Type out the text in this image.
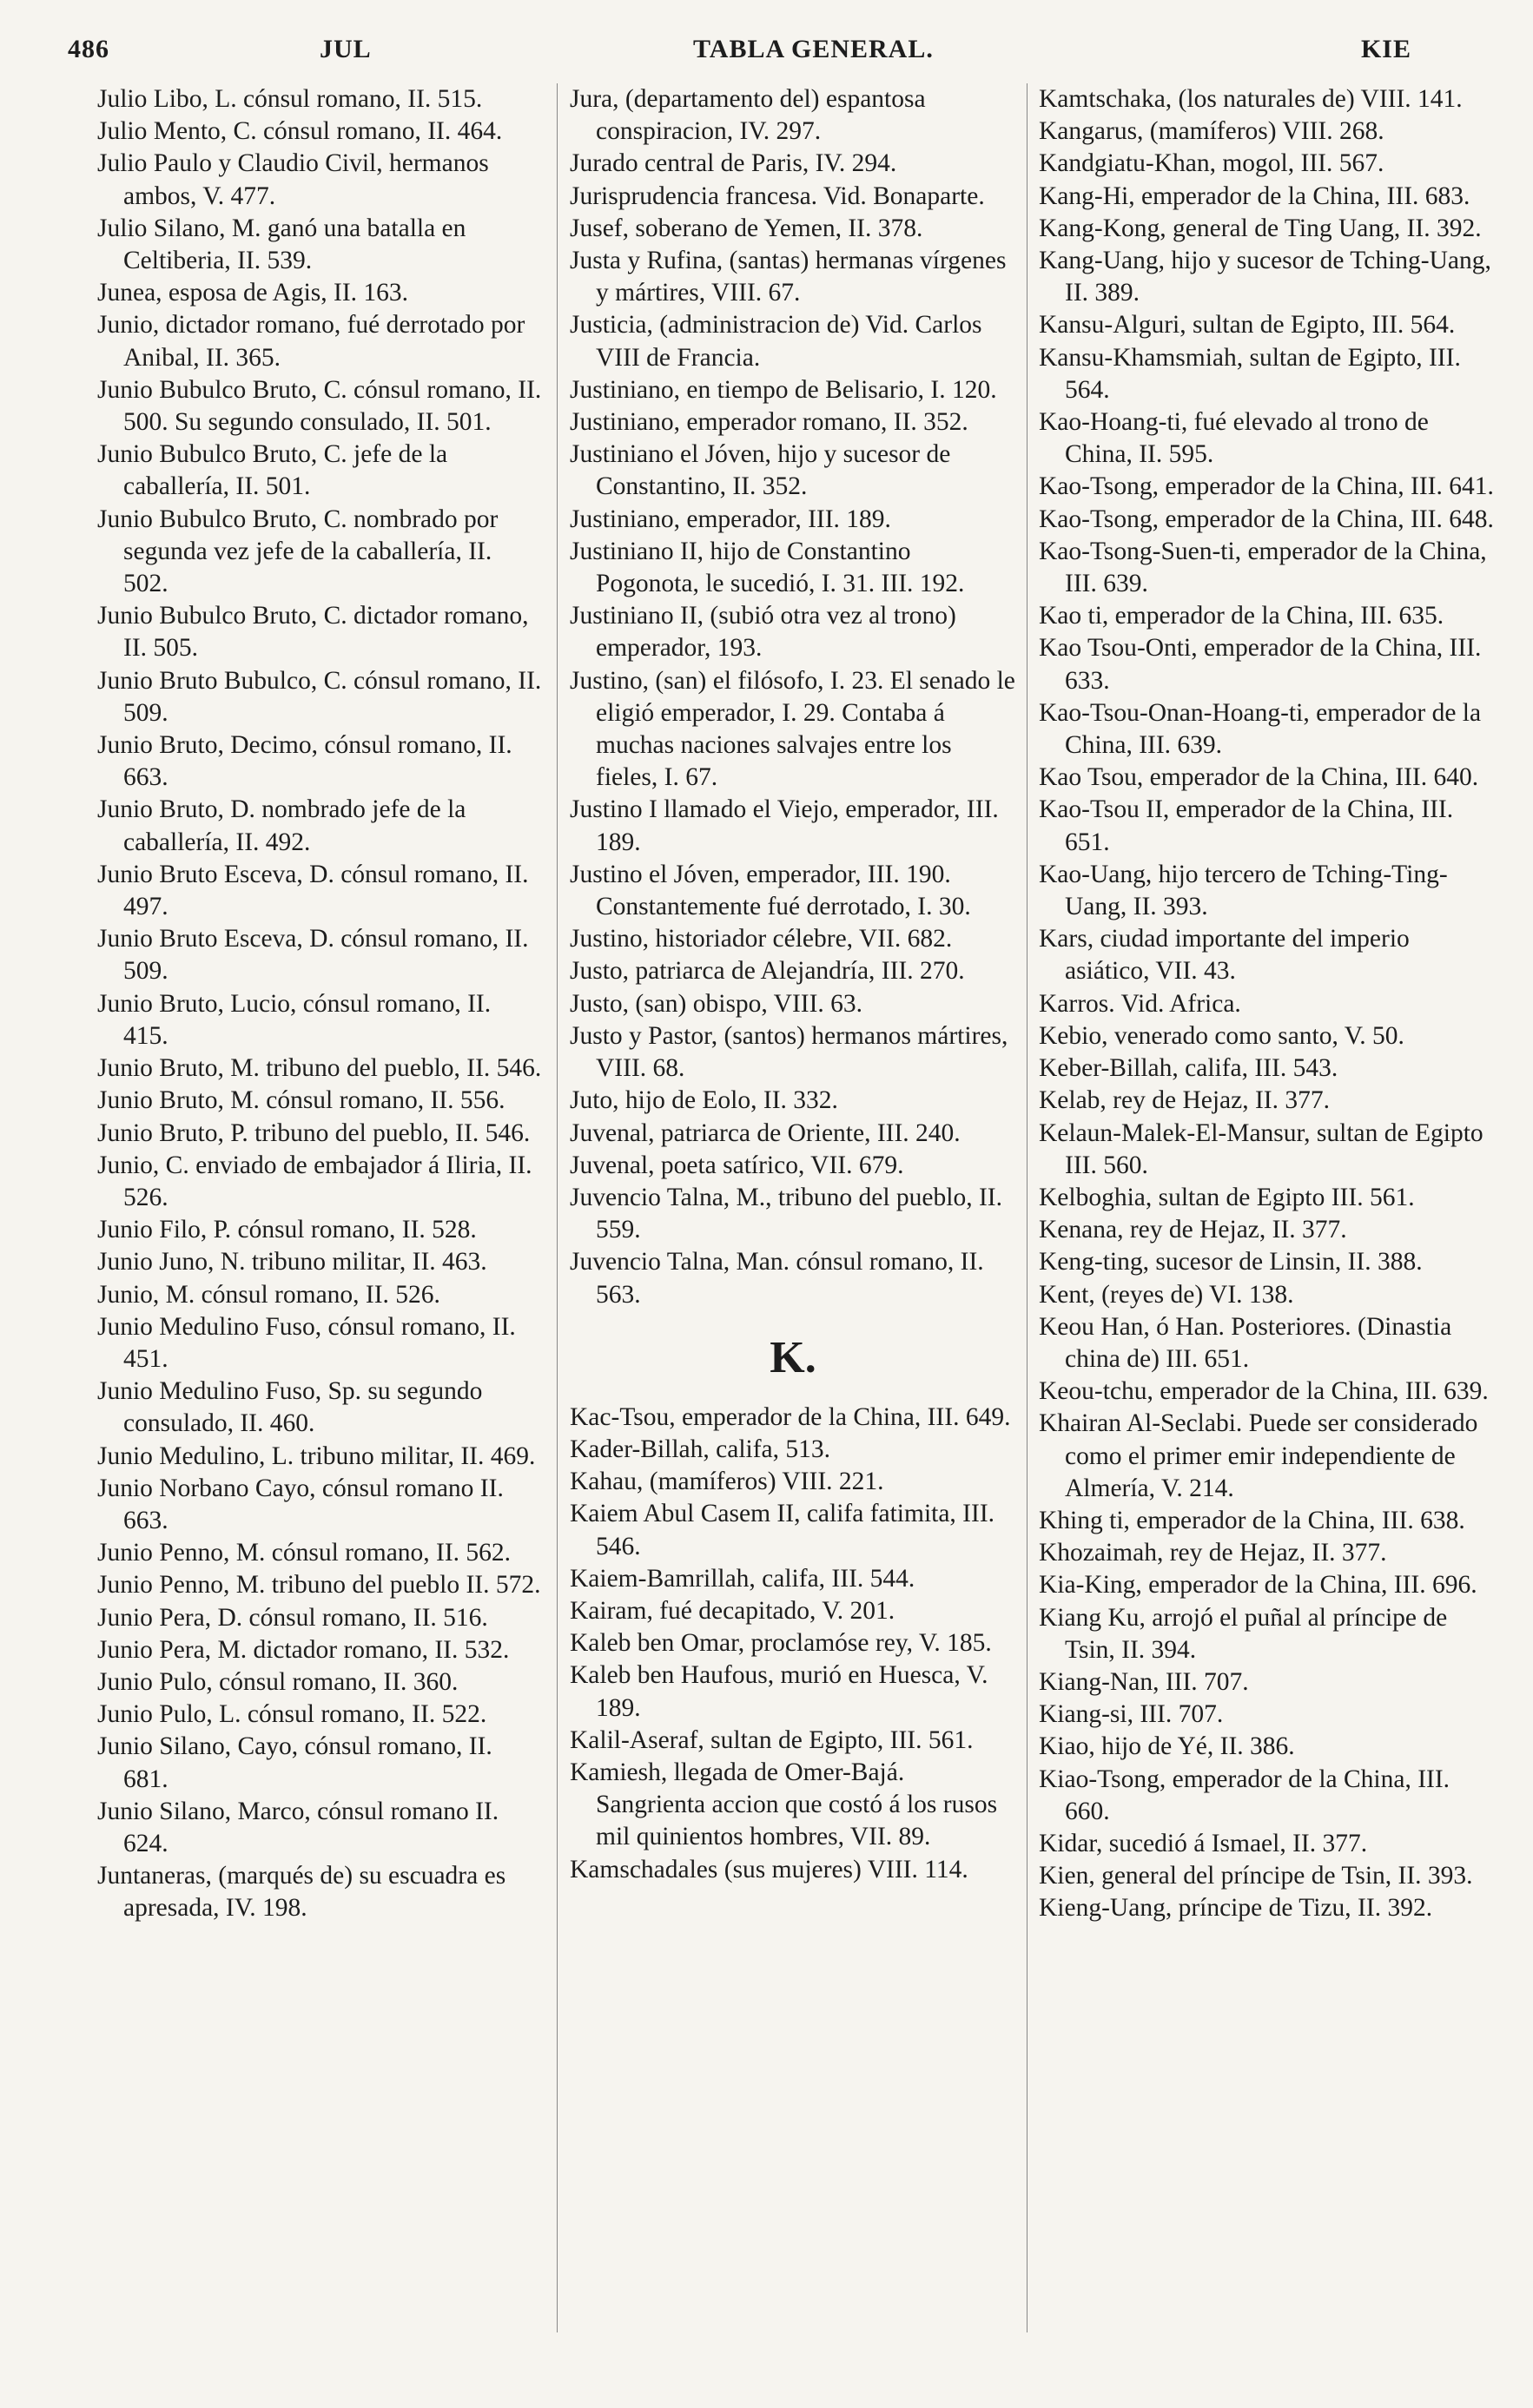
486	JUL	TABLA GENERAL.	KIE

Julio Libo, L. cónsul romano, II. 515.

Julio Mento, C. cónsul romano, II. 464.

Julio Paulo y Claudio Civil, hermanos ambos, V. 477.

Julio Silano, M. ganó una batalla en Celtiberia, II. 539.

Junea, esposa de Agis, II. 163.

Junio, dictador romano, fué derrotado por Anibal, II. 365.

Junio Bubulco Bruto, C. cónsul romano, II. 500. Su segundo consulado, II. 501.

Junio Bubulco Bruto, C. jefe de la caballería, II. 501.

Junio Bubulco Bruto, C. nombrado por segunda vez jefe de la caballería, II. 502.

Junio Bubulco Bruto, C. dictador romano, II. 505.

Junio Bruto Bubulco, C. cónsul romano, II. 509.

Junio Bruto, Decimo, cónsul romano, II. 663.

Junio Bruto, D. nombrado jefe de la caballería, II. 492.

Junio Bruto Esceva, D. cónsul romano, II. 497.

Junio Bruto Esceva, D. cónsul romano, II. 509.

Junio Bruto, Lucio, cónsul romano, II. 415.

Junio Bruto, M. tribuno del pueblo, II. 546.

Junio Bruto, M. cónsul romano, II. 556.

Junio Bruto, P. tribuno del pueblo, II. 546.

Junio, C. enviado de embajador á Iliria, II. 526.

Junio Filo, P. cónsul romano, II. 528.

Junio Juno, N. tribuno militar, II. 463.

Junio, M. cónsul romano, II. 526.

Junio Medulino Fuso, cónsul romano, II. 451.

Junio Medulino Fuso, Sp. su segundo consulado, II. 460.

Junio Medulino, L. tribuno militar, II. 469.

Junio Norbano Cayo, cónsul romano II. 663.

Junio Penno, M. cónsul romano, II. 562.

Junio Penno, M. tribuno del pueblo II. 572.

Junio Pera, D. cónsul romano, II. 516.

Junio Pera, M. dictador romano, II. 532.

Junio Pulo, cónsul romano, II. 360.

Junio Pulo, L. cónsul romano, II. 522.

Junio Silano, Cayo, cónsul romano, II. 681.

Junio Silano, Marco, cónsul romano II. 624.

Juntaneras, (marqués de) su escuadra es apresada, IV. 198.

Jura, (departamento del) espantosa conspiracion, IV. 297.

Jurado central de Paris, IV. 294.

Jurisprudencia francesa. Vid. Bonaparte.

Jusef, soberano de Yemen, II. 378.

Justa y Rufina, (santas) hermanas vírgenes y mártires, VIII. 67.

Justicia, (administracion de) Vid. Carlos VIII de Francia.

Justiniano, en tiempo de Belisario, I. 120.

Justiniano, emperador romano, II. 352.

Justiniano el Jóven, hijo y sucesor de Constantino, II. 352.

Justiniano, emperador, III. 189.

Justiniano II, hijo de Constantino Pogonota, le sucedió, I. 31. III. 192.

Justiniano II, (subió otra vez al trono) emperador, 193.

Justino, (san) el filósofo, I. 23. El senado le eligió emperador, I. 29. Contaba á muchas naciones salvajes entre los fieles, I. 67.

Justino I llamado el Viejo, emperador, III. 189.

Justino el Jóven, emperador, III. 190. Constantemente fué derrotado, I. 30.

Justino, historiador célebre, VII. 682.

Justo, patriarca de Alejandría, III. 270.

Justo, (san) obispo, VIII. 63.

Justo y Pastor, (santos) hermanos mártires, VIII. 68.

Juto, hijo de Eolo, II. 332.

Juvenal, patriarca de Oriente, III. 240.

Juvenal, poeta satírico, VII. 679.

Juvencio Talna, M., tribuno del pueblo, II. 559.

Juvencio Talna, Man. cónsul romano, II. 563.

K.

Kac-Tsou, emperador de la China, III. 649.

Kader-Billah, califa, 513.

Kahau, (mamíferos) VIII. 221.

Kaiem Abul Casem II, califa fatimita, III. 546.

Kaiem-Bamrillah, califa, III. 544.

Kairam, fué decapitado, V. 201.

Kaleb ben Omar, proclamóse rey, V. 185.

Kaleb ben Haufous, murió en Huesca, V. 189.

Kalil-Aseraf, sultan de Egipto, III. 561.

Kamiesh, llegada de Omer-Bajá. Sangrienta accion que costó á los rusos mil quinientos hombres, VII. 89.

Kamschadales (sus mujeres) VIII. 114.

Kamtschaka, (los naturales de) VIII. 141.

Kangarus, (mamíferos) VIII. 268.

Kandgiatu-Khan, mogol, III. 567.

Kang-Hi, emperador de la China, III. 683.

Kang-Kong, general de Ting Uang, II. 392.

Kang-Uang, hijo y sucesor de Tching-Uang, II. 389.

Kansu-Alguri, sultan de Egipto, III. 564.

Kansu-Khamsmiah, sultan de Egipto, III. 564.

Kao-Hoang-ti, fué elevado al trono de China, II. 595.

Kao-Tsong, emperador de la China, III. 641.

Kao-Tsong, emperador de la China, III. 648.

Kao-Tsong-Suen-ti, emperador de la China, III. 639.

Kao ti, emperador de la China, III. 635.

Kao Tsou-Onti, emperador de la China, III. 633.

Kao-Tsou-Onan-Hoang-ti, emperador de la China, III. 639.

Kao Tsou, emperador de la China, III. 640.

Kao-Tsou II, emperador de la China, III. 651.

Kao-Uang, hijo tercero de Tching-Ting-Uang, II. 393.

Kars, ciudad importante del imperio asiático, VII. 43.

Karros. Vid. Africa.

Kebio, venerado como santo, V. 50.

Keber-Billah, califa, III. 543.

Kelab, rey de Hejaz, II. 377.

Kelaun-Malek-El-Mansur, sultan de Egipto III. 560.

Kelboghia, sultan de Egipto III. 561.

Kenana, rey de Hejaz, II. 377.

Keng-ting, sucesor de Linsin, II. 388.

Kent, (reyes de) VI. 138.

Keou Han, ó Han. Posteriores. (Dinastia china de) III. 651.

Keou-tchu, emperador de la China, III. 639.

Khairan Al-Seclabi. Puede ser considerado como el primer emir independiente de Almería, V. 214.

Khing ti, emperador de la China, III. 638.

Khozaimah, rey de Hejaz, II. 377.

Kia-King, emperador de la China, III. 696.

Kiang Ku, arrojó el puñal al príncipe de Tsin, II. 394.

Kiang-Nan, III. 707.

Kiang-si, III. 707.

Kiao, hijo de Yé, II. 386.

Kiao-Tsong, emperador de la China, III. 660.

Kidar, sucedió á Ismael, II. 377.

Kien, general del príncipe de Tsin, II. 393.

Kieng-Uang, príncipe de Tizu, II. 392.
